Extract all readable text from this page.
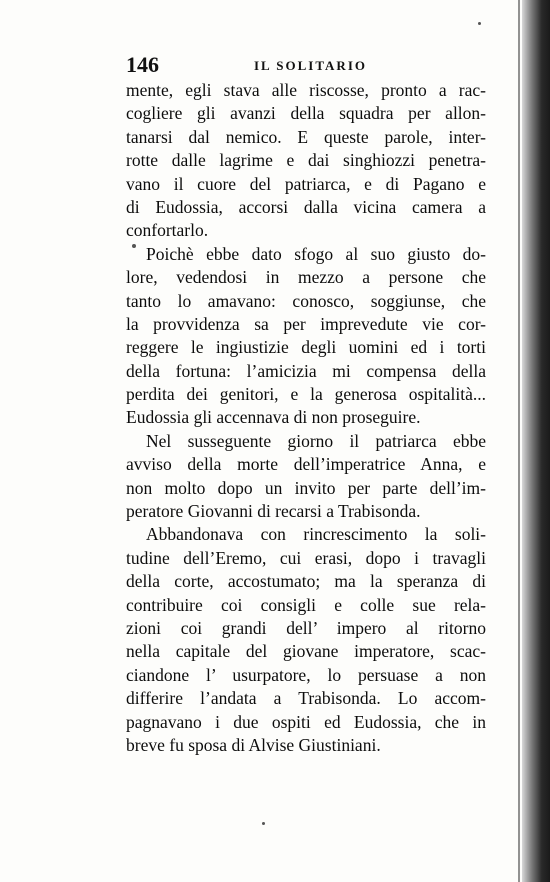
146	IL SOLITARIO
mente, egli stava alle riscosse, pronto a rac-
cogliere gli avanzi della squadra per allon-
tanarsi dal nemico. E queste parole, inter-
rotte dalle lagrime e dai singhiozzi penetra-
vano il cuore del patriarca, e di Pagano e
di Eudossia, accorsi dalla vicina camera a
confortarlo.
Poichè ebbe dato sfogo al suo giusto do-
lore, vedendosi in mezzo a persone che
tanto lo amavano: conosco, soggiunse, che
la provvidenza sa per imprevedute vie cor-
reggere le ingiustizie degli uomini ed i torti
della fortuna: l’amicizia mi compensa della
perdita dei genitori, e la generosa ospitalità...
Eudossia gli accennava di non proseguire.
Nel susseguente giorno il patriarca ebbe
avviso della morte dell’imperatrice Anna, e
non molto dopo un invito per parte dell’im-
peratore Giovanni di recarsi a Trabisonda.
Abbandonava con rincrescimento la soli-
tudine dell’Eremo, cui erasi, dopo i travagli
della corte, accostumato; ma la speranza di
contribuire coi consigli e colle sue rela-
zioni coi grandi dell’ impero al ritorno
nella capitale del giovane imperatore, scac-
ciandone l’ usurpatore, lo persuase a non
differire l’andata a Trabisonda. Lo accom-
pagnavano i due ospiti ed Eudossia, che in
breve fu sposa di Alvise Giustiniani.
